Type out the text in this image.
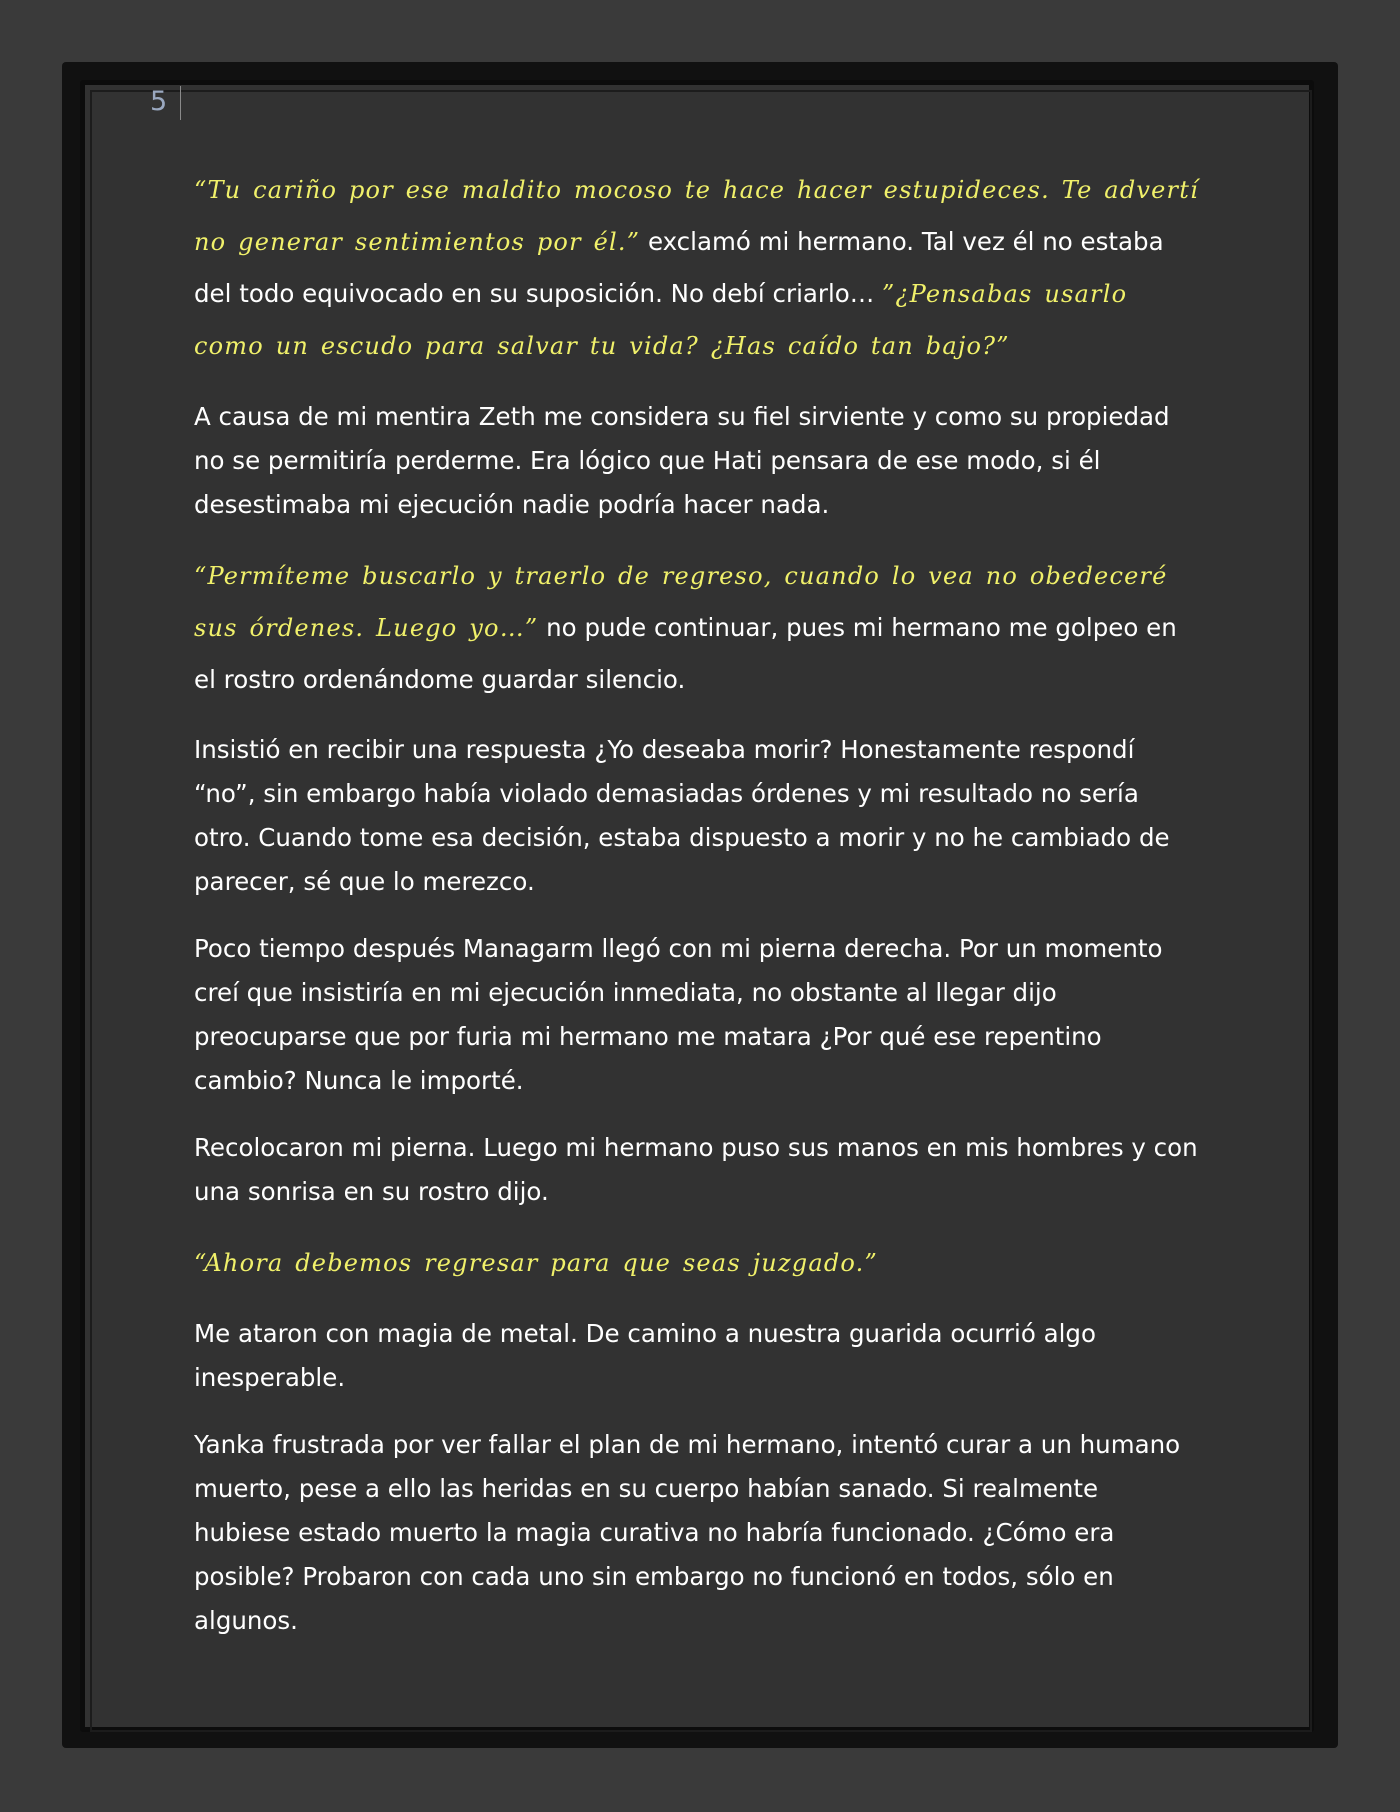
5

“Tu cariño por ese maldito mocoso te hace hacer estupideces. Te advertí no generar sentimientos por él.” exclamó mi hermano. Tal vez él no estaba del todo equivocado en su suposición. No debí criarlo… ”¿Pensabas usarlo como un escudo para salvar tu vida? ¿Has caído tan bajo?”

A causa de mi mentira Zeth me considera su fiel sirviente y como su propiedad no se permitiría perderme. Era lógico que Hati pensara de ese modo, si él desestimaba mi ejecución nadie podría hacer nada.

“Permíteme buscarlo y traerlo de regreso, cuando lo vea no obedeceré sus órdenes. Luego yo…” no pude continuar, pues mi hermano me golpeo en el rostro ordenándome guardar silencio.

Insistió en recibir una respuesta ¿Yo deseaba morir? Honestamente respondí “no”, sin embargo había violado demasiadas órdenes y mi resultado no sería otro. Cuando tome esa decisión, estaba dispuesto a morir y no he cambiado de parecer, sé que lo merezco.

Poco tiempo después Managarm llegó con mi pierna derecha. Por un momento creí que insistiría en mi ejecución inmediata, no obstante al llegar dijo preocuparse que por furia mi hermano me matara ¿Por qué ese repentino cambio? Nunca le importé.

Recolocaron mi pierna. Luego mi hermano puso sus manos en mis hombres y con una sonrisa en su rostro dijo.

“Ahora debemos regresar para que seas juzgado.”

Me ataron con magia de metal. De camino a nuestra guarida ocurrió algo inesperable.

Yanka frustrada por ver fallar el plan de mi hermano, intentó curar a un humano muerto, pese a ello las heridas en su cuerpo habían sanado. Si realmente hubiese estado muerto la magia curativa no habría funcionado. ¿Cómo era posible? Probaron con cada uno sin embargo no funcionó en todos, sólo en algunos.
